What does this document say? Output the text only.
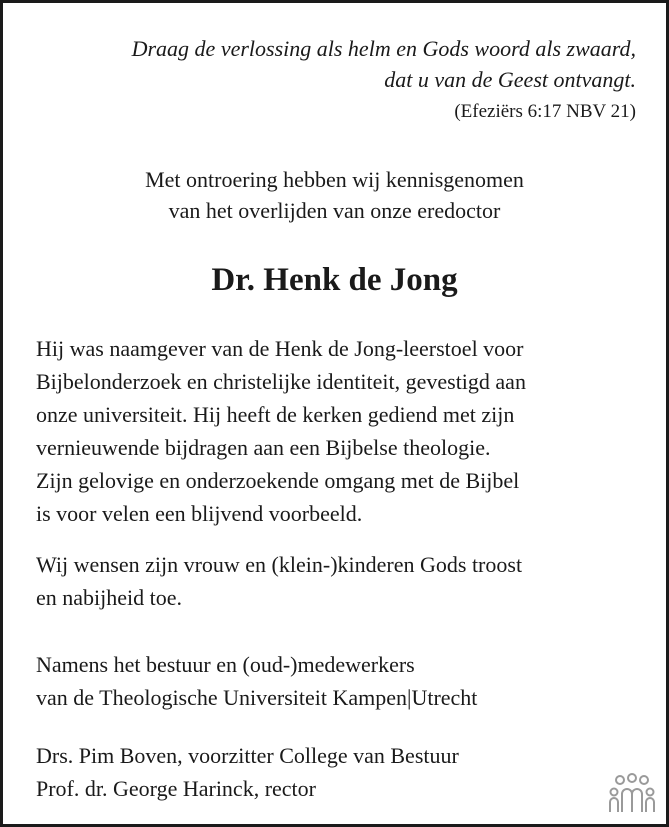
Draag de verlossing als helm en Gods woord als zwaard,
dat u van de Geest ontvangt.
(Efeziërs 6:17 NBV 21)
Met ontroering hebben wij kennisgenomen
van het overlijden van onze eredoctor
Dr. Henk de Jong
Hij was naamgever van de Henk de Jong-leerstoel voor
Bijbelonderzoek en christelijke identiteit, gevestigd aan
onze universiteit. Hij heeft de kerken gediend met zijn
vernieuwende bijdragen aan een Bijbelse theologie.
Zijn gelovige en onderzoekende omgang met de Bijbel
is voor velen een blijvend voorbeeld.
Wij wensen zijn vrouw en (klein-)kinderen Gods troost
en nabijheid toe.
Namens het bestuur en (oud-)medewerkers
van de Theologische Universiteit Kampen|Utrecht
Drs. Pim Boven, voorzitter College van Bestuur
Prof. dr. George Harinck, rector
